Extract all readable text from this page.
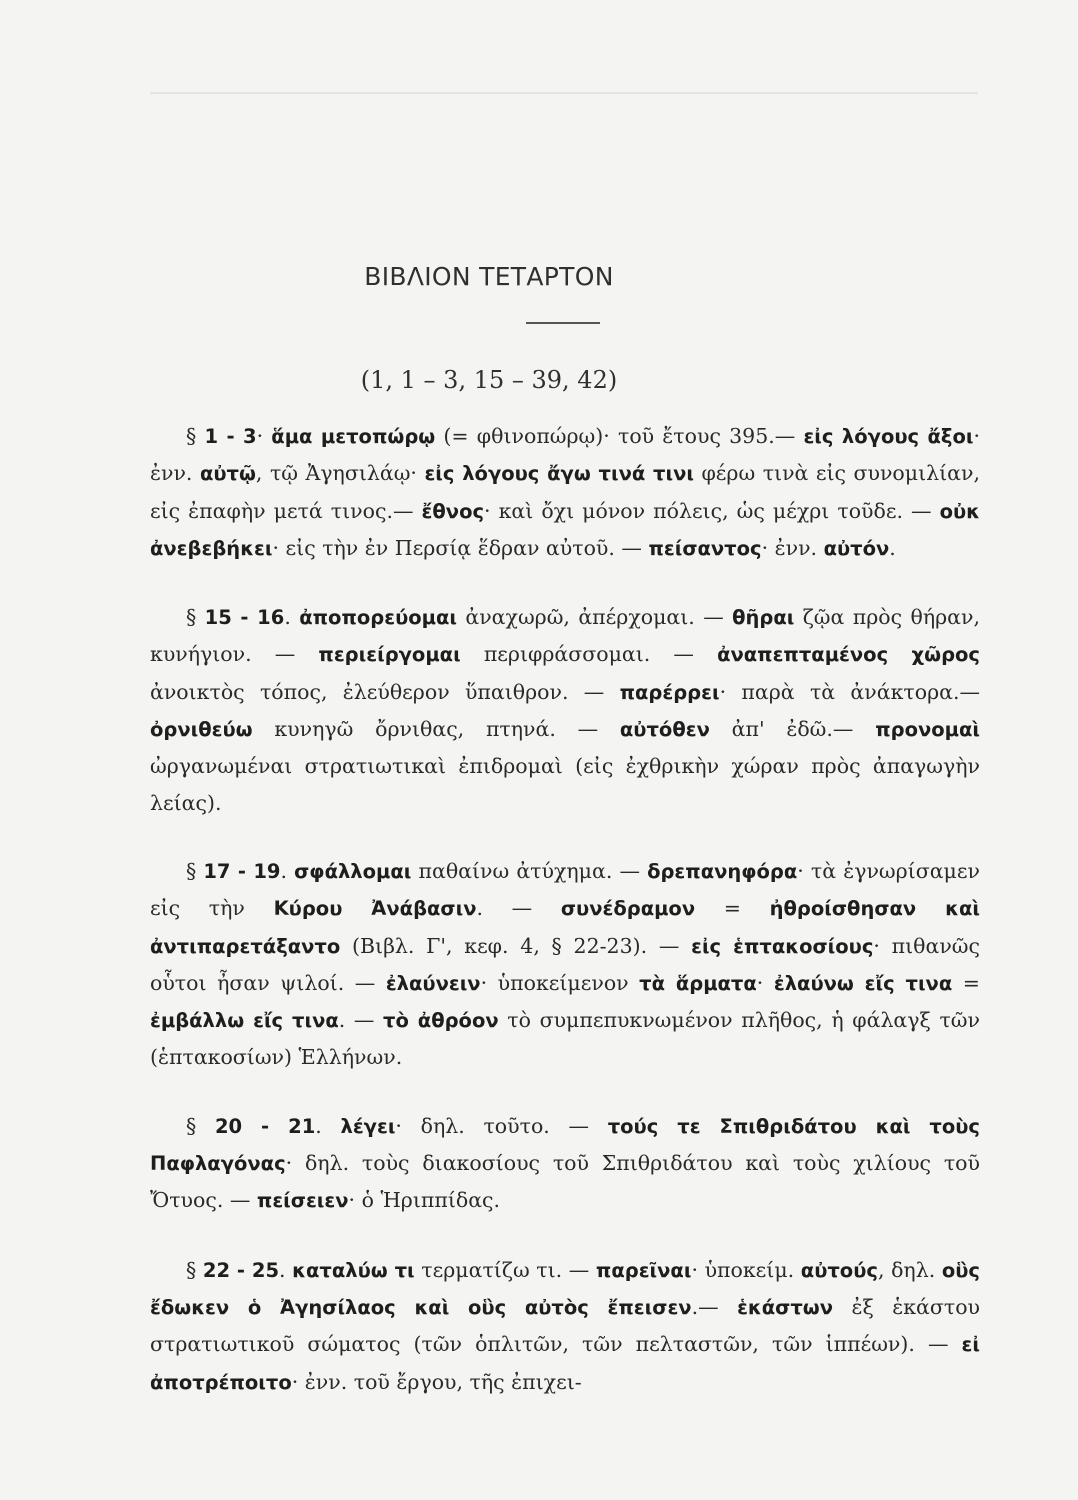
ΒΙΒΛΙΟΝ ΤΕΤΑΡΤΟΝ
(1, 1 – 3, 15 – 39, 42)

§ 1 - 3· ἅμα μετοπώρῳ (= φθινοπώρῳ)· τοῦ ἔτους 395.— εἰς λόγους ἄξοι· ἐνν. αὐτῷ, τῷ Ἀγησιλάῳ· εἰς λόγους ἄγω τινά τινι φέρω τινὰ εἰς συνομιλίαν, εἰς ἐπαφὴν μετά τινος.— ἔθνος· καὶ ὄχι μόνον πόλεις, ὡς μέχρι τοῦδε. — οὐκ ἀνεβεβήκει· εἰς τὴν ἐν Περσίᾳ ἕδραν αὐτοῦ. — πείσαντος· ἐνν. αὐτόν.

§ 15 - 16. ἀποπορεύομαι ἀναχωρῶ, ἀπέρχομαι. — θῆραι ζῷα πρὸς θήραν, κυνήγιον. — περιείργομαι περιφράσσομαι. — ἀναπεπταμένος χῶρος ἀνοικτὸς τόπος, ἐλεύθερον ὕπαιθρον. — παρέρρει· παρὰ τὰ ἀνάκτορα.— ὀρνιθεύω κυνηγῶ ὄρνιθας, πτηνά. — αὐτόθεν ἀπ' ἐδῶ.— προνομαὶ ὠργανωμέναι στρατιωτικαὶ ἐπιδρομαὶ (εἰς ἐχθρικὴν χώραν πρὸς ἀπαγωγὴν λείας).

§ 17 - 19. σφάλλομαι παθαίνω ἀτύχημα. — δρεπανηφόρα· τὰ ἐγνωρίσαμεν εἰς τὴν Κύρου Ἀνάβασιν. — συνέδραμον = ἠθροίσθησαν καὶ ἀντιπαρετάξαντο (Βιβλ. Γ', κεφ. 4, § 22-23). — εἰς ἑπτακοσίους· πιθανῶς οὗτοι ἦσαν ψιλοί. — ἐλαύνειν· ὑποκείμενον τὰ ἅρματα· ἐλαύνω εἴς τινα = ἐμβάλλω εἴς τινα. — τὸ ἀθρόον τὸ συμπεπυκνωμένον πλῆθος, ἡ φάλαγξ τῶν (ἑπτακοσίων) Ἑλλήνων.

§ 20 - 21. λέγει· δηλ. τοῦτο. — τούς τε Σπιθριδάτου καὶ τοὺς Παφλαγόνας· δηλ. τοὺς διακοσίους τοῦ Σπιθριδάτου καὶ τοὺς χιλίους τοῦ Ὄτυος. — πείσειεν· ὁ Ἡριππίδας.

§ 22 - 25. καταλύω τι τερματίζω τι. — παρεῖναι· ὑποκείμ. αὐτούς, δηλ. οὓς ἔδωκεν ὁ Ἀγησίλαος καὶ οὓς αὐτὸς ἔπεισεν.— ἑκάστων ἐξ ἑκάστου στρατιωτικοῦ σώματος (τῶν ὁπλιτῶν, τῶν πελταστῶν, τῶν ἱππέων). — εἰ ἀποτρέποιτο· ἐνν. τοῦ ἔργου, τῆς ἐπιχει-
